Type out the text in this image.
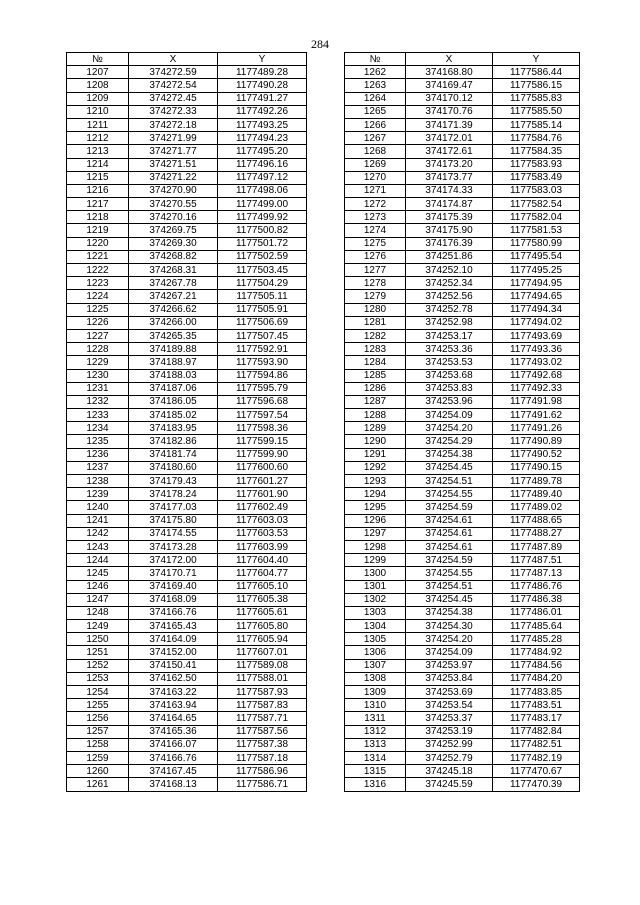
284
№	X	Y
1207	374272.59	1177489.28
1208	374272.54	1177490.28
1209	374272.45	1177491.27
1210	374272.33	1177492.26
1211	374272.18	1177493.25
1212	374271.99	1177494.23
1213	374271.77	1177495.20
1214	374271.51	1177496.16
1215	374271.22	1177497.12
1216	374270.90	1177498.06
1217	374270.55	1177499.00
1218	374270.16	1177499.92
1219	374269.75	1177500.82
1220	374269.30	1177501.72
1221	374268.82	1177502.59
1222	374268.31	1177503.45
1223	374267.78	1177504.29
1224	374267.21	1177505.11
1225	374266.62	1177505.91
1226	374266.00	1177506.69
1227	374265.35	1177507.45
1228	374189.88	1177592.91
1229	374188.97	1177593.90
1230	374188.03	1177594.86
1231	374187.06	1177595.79
1232	374186.05	1177596.68
1233	374185.02	1177597.54
1234	374183.95	1177598.36
1235	374182.86	1177599.15
1236	374181.74	1177599.90
1237	374180.60	1177600.60
1238	374179.43	1177601.27
1239	374178.24	1177601.90
1240	374177.03	1177602.49
1241	374175.80	1177603.03
1242	374174.55	1177603.53
1243	374173.28	1177603.99
1244	374172.00	1177604.40
1245	374170.71	1177604.77
1246	374169.40	1177605.10
1247	374168.09	1177605.38
1248	374166.76	1177605.61
1249	374165.43	1177605.80
1250	374164.09	1177605.94
1251	374152.00	1177607.01
1252	374150.41	1177589.08
1253	374162.50	1177588.01
1254	374163.22	1177587.93
1255	374163.94	1177587.83
1256	374164.65	1177587.71
1257	374165.36	1177587.56
1258	374166.07	1177587.38
1259	374166.76	1177587.18
1260	374167.45	1177586.96
1261	374168.13	1177586.71
№	X	Y
1262	374168.80	1177586.44
1263	374169.47	1177586.15
1264	374170.12	1177585.83
1265	374170.76	1177585.50
1266	374171.39	1177585.14
1267	374172.01	1177584.76
1268	374172.61	1177584.35
1269	374173.20	1177583.93
1270	374173.77	1177583.49
1271	374174.33	1177583.03
1272	374174.87	1177582.54
1273	374175.39	1177582.04
1274	374175.90	1177581.53
1275	374176.39	1177580.99
1276	374251.86	1177495.54
1277	374252.10	1177495.25
1278	374252.34	1177494.95
1279	374252.56	1177494.65
1280	374252.78	1177494.34
1281	374252.98	1177494.02
1282	374253.17	1177493.69
1283	374253.36	1177493.36
1284	374253.53	1177493.02
1285	374253.68	1177492.68
1286	374253.83	1177492.33
1287	374253.96	1177491.98
1288	374254.09	1177491.62
1289	374254.20	1177491.26
1290	374254.29	1177490.89
1291	374254.38	1177490.52
1292	374254.45	1177490.15
1293	374254.51	1177489.78
1294	374254.55	1177489.40
1295	374254.59	1177489.02
1296	374254.61	1177488.65
1297	374254.61	1177488.27
1298	374254.61	1177487.89
1299	374254.59	1177487.51
1300	374254.55	1177487.13
1301	374254.51	1177486.76
1302	374254.45	1177486.38
1303	374254.38	1177486.01
1304	374254.30	1177485.64
1305	374254.20	1177485.28
1306	374254.09	1177484.92
1307	374253.97	1177484.56
1308	374253.84	1177484.20
1309	374253.69	1177483.85
1310	374253.54	1177483.51
1311	374253.37	1177483.17
1312	374253.19	1177482.84
1313	374252.99	1177482.51
1314	374252.79	1177482.19
1315	374245.18	1177470.67
1316	374245.59	1177470.39
